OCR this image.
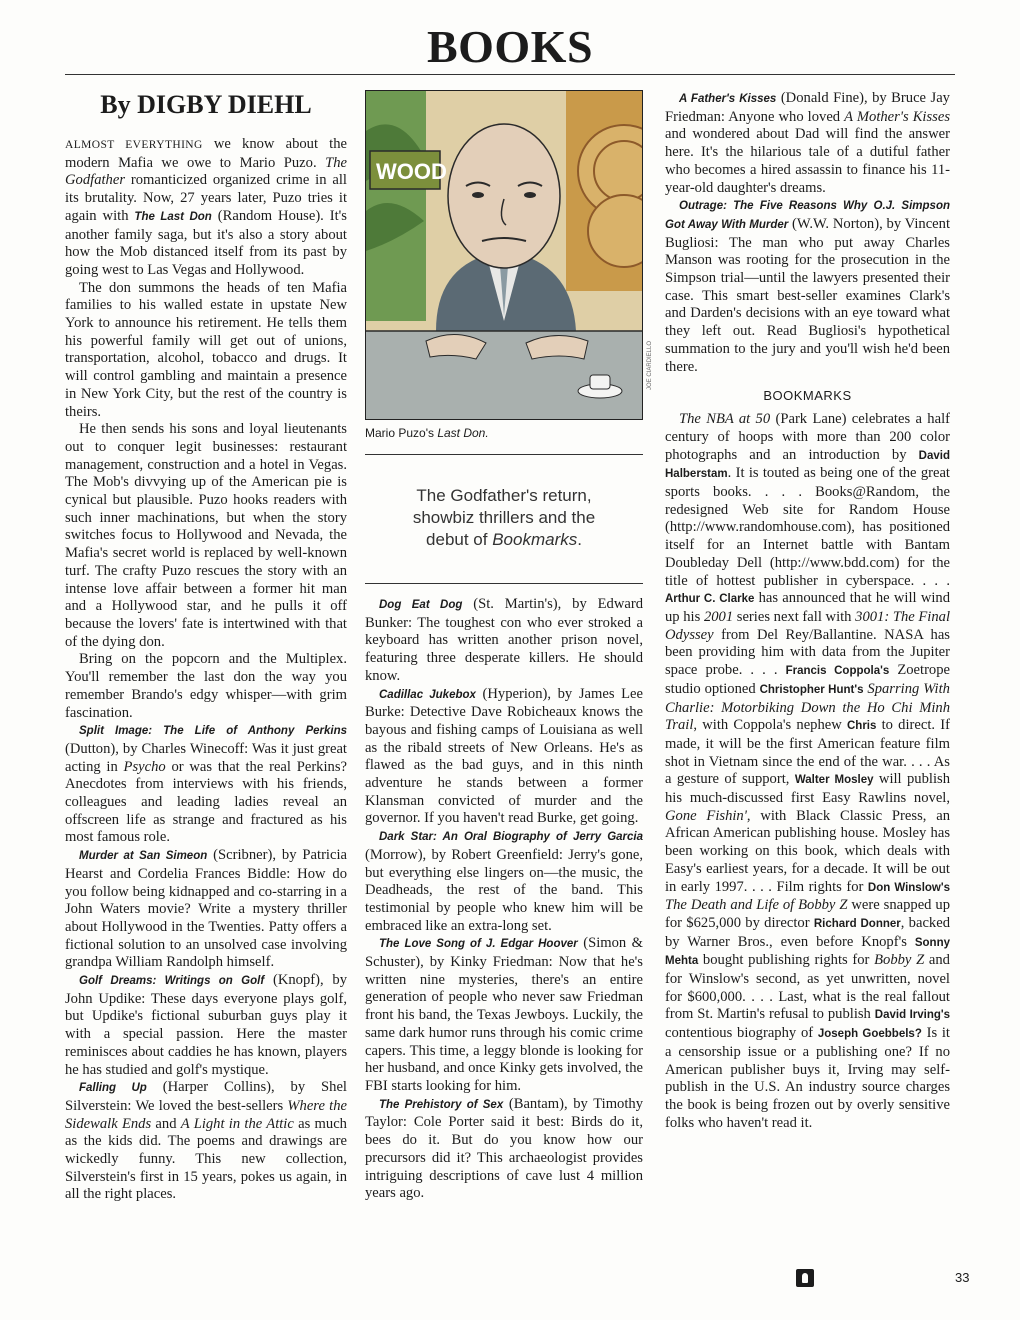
BOOKS
By DIGBY DIEHL

ALMOST EVERYTHING we know about the modern Mafia we owe to Mario Puzo. The Godfather romanticized organized crime in all its brutality. Now, 27 years later, Puzo tries it again with The Last Don (Random House). It's another family saga, but it's also a story about how the Mob distanced itself from its past by going west to Las Vegas and Hollywood.

The don summons the heads of ten Mafia families to his walled estate in upstate New York to announce his retirement. He tells them his powerful family will get out of unions, transportation, alcohol, tobacco and drugs. It will control gambling and maintain a presence in New York City, but the rest of the country is theirs.

He then sends his sons and loyal lieutenants out to conquer legit businesses: restaurant management, construction and a hotel in Vegas. The Mob's divvying up of the American pie is cynical but plausible. Puzo hooks readers with such inner machinations, but when the story switches focus to Hollywood and Nevada, the Mafia's secret world is replaced by well-known turf. The crafty Puzo rescues the story with an intense love affair between a former hit man and a Hollywood star, and he pulls it off because the lovers' fate is intertwined with that of the dying don.

Bring on the popcorn and the Multiplex. You'll remember the last don the way you remember Brando's edgy whisper—with grim fascination.

Split Image: The Life of Anthony Perkins (Dutton), by Charles Winecoff: Was it just great acting in Psycho or was that the real Perkins? Anecdotes from interviews with his friends, colleagues and leading ladies reveal an offscreen life as strange and fractured as his most famous role.

Murder at San Simeon (Scribner), by Patricia Hearst and Cordelia Frances Biddle: How do you follow being kidnapped and co-starring in a John Waters movie? Write a mystery thriller about Hollywood in the Twenties. Patty offers a fictional solution to an unsolved case involving grandpa William Randolph himself.

Golf Dreams: Writings on Golf (Knopf), by John Updike: These days everyone plays golf, but Updike's fictional suburban guys play it with a special passion. Here the master reminisces about caddies he has known, players he has studied and golf's mystique.

Falling Up (Harper Collins), by Shel Silverstein: We loved the best-sellers Where the Sidewalk Ends and A Light in the Attic as much as the kids did. The poems and drawings are wickedly funny. This new collection, Silverstein's first in 15 years, pokes us again, in all the right places.

WOOD
JOE CIARDIELLO
Mario Puzo's Last Don.
The Godfather's return,
showbiz thrillers and the
debut of Bookmarks.

Dog Eat Dog (St. Martin's), by Edward Bunker: The toughest con who ever stroked a keyboard has written another prison novel, featuring three desperate killers. He should know.

Cadillac Jukebox (Hyperion), by James Lee Burke: Detective Dave Robicheaux knows the bayous and fishing camps of Louisiana as well as the ribald streets of New Orleans. He's as flawed as the bad guys, and in this ninth adventure he stands between a former Klansman convicted of murder and the governor. If you haven't read Burke, get going.

Dark Star: An Oral Biography of Jerry Garcia (Morrow), by Robert Greenfield: Jerry's gone, but everything else lingers on—the music, the Deadheads, the rest of the band. This testimonial by people who knew him will be embraced like an extra-long set.

The Love Song of J. Edgar Hoover (Simon & Schuster), by Kinky Friedman: Now that he's written nine mysteries, there's an entire generation of people who never saw Friedman front his band, the Texas Jewboys. Luckily, the same dark humor runs through his comic crime capers. This time, a leggy blonde is looking for her husband, and once Kinky gets involved, the FBI starts looking for him.

The Prehistory of Sex (Bantam), by Timothy Taylor: Cole Porter said it best: Birds do it, bees do it. But do you know how our precursors did it? This archaeologist provides intriguing descriptions of cave lust 4 million years ago.

A Father's Kisses (Donald Fine), by Bruce Jay Friedman: Anyone who loved A Mother's Kisses and wondered about Dad will find the answer here. It's the hilarious tale of a dutiful father who becomes a hired assassin to finance his 11-year-old daughter's dreams.

Outrage: The Five Reasons Why O.J. Simpson Got Away With Murder (W.W. Norton), by Vincent Bugliosi: The man who put away Charles Manson was rooting for the prosecution in the Simpson trial—until the lawyers presented their case. This smart best-seller examines Clark's and Darden's decisions with an eye toward what they left out. Read Bugliosi's hypothetical summation to the jury and you'll wish he'd been there.

BOOKMARKS

The NBA at 50 (Park Lane) celebrates a half century of hoops with more than 200 color photographs and an introduction by David Halberstam. It is touted as being one of the great sports books. . . . Books@Random, the redesigned Web site for Random House (http://www.randomhouse.com), has positioned itself for an Internet battle with Bantam Doubleday Dell (http://www.bdd.com) for the title of hottest publisher in cyberspace. . . . Arthur C. Clarke has announced that he will wind up his 2001 series next fall with 3001: The Final Odyssey from Del Rey/Ballantine. NASA has been providing him with data from the Jupiter space probe. . . . Francis Coppola's Zoetrope studio optioned Christopher Hunt's Sparring With Charlie: Motorbiking Down the Ho Chi Minh Trail, with Coppola's nephew Chris to direct. If made, it will be the first American feature film shot in Vietnam since the end of the war. . . . As a gesture of support, Walter Mosley will publish his much-discussed first Easy Rawlins novel, Gone Fishin', with Black Classic Press, an African American publishing house. Mosley has been working on this book, which deals with Easy's earliest years, for a decade. It will be out in early 1997. . . . Film rights for Don Winslow's The Death and Life of Bobby Z were snapped up for $625,000 by director Richard Donner, backed by Warner Bros., even before Knopf's Sonny Mehta bought publishing rights for Bobby Z and for Winslow's second, as yet unwritten, novel for $600,000. . . . Last, what is the real fallout from St. Martin's refusal to publish David Irving's contentious biography of Joseph Goebbels? Is it a censorship issue or a publishing one? If no American publisher buys it, Irving may self-publish in the U.S. An industry source charges the book is being frozen out by overly sensitive folks who haven't read it.

33
